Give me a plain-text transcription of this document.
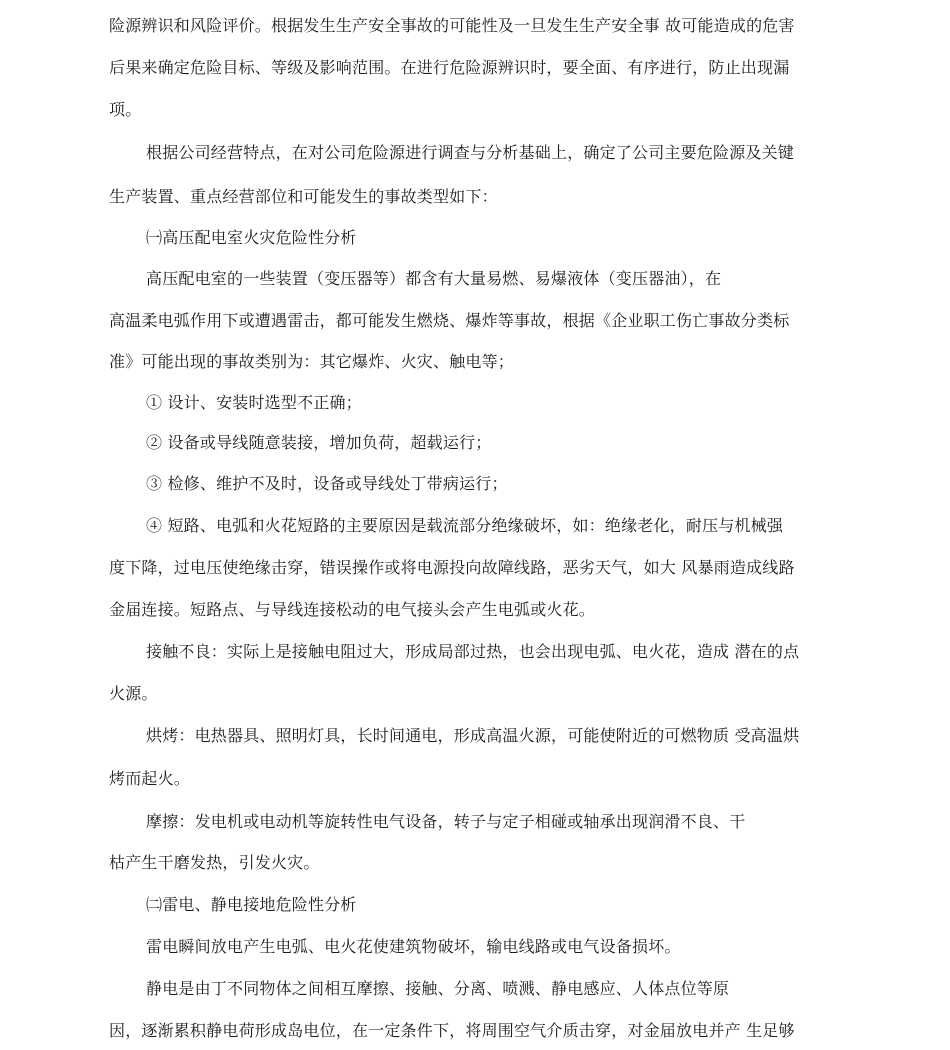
险源辨识和风险评价。根据发生生产安全事故的可能性及一旦发生生产安全事 故可能造成的危害

后果来确定危险目标、等级及影响范围。在进行危险源辨识时，要全面、有序进行，防止出现漏

项。

根据公司经营特点，在对公司危险源进行调查与分析基础上，确定了公司主要危险源及关键

生产装置、重点经营部位和可能发生的事故类型如下：

㈠高压配电室火灾危险性分析

高压配电室的一些装置（变压器等）都含有大量易燃、易爆液体（变压器油），在

高温柔电弧作用下或遭遇雷击，都可能发生燃烧、爆炸等事故，根据《企业职工伤亡事故分类标

准》可能出现的事故类别为：其它爆炸、火灾、触电等；

① 设计、安装时选型不正确；

② 设备或导线随意装接，增加负荷，超载运行；

③ 检修、维护不及时，设备或导线处丁带病运行；

④ 短路、电弧和火花短路的主要原因是载流部分绝缘破坏，如：绝缘老化，耐压与机械强

度下降，过电压使绝缘击穿，错误操作或将电源投向故障线路，恶劣天气，如大 风暴雨造成线路

金届连接。短路点、与导线连接松动的电气接头会产生电弧或火花。

接触不良：实际上是接触电阻过大，形成局部过热，也会出现电弧、电火花，造成 潜在的点

火源。

烘烤：电热器具、照明灯具，长时间通电，形成高温火源，可能使附近的可燃物质 受高温烘

烤而起火。

摩擦：发电机或电动机等旋转性电气设备，转子与定子相碰或轴承出现润滑不良、干

枯产生干磨发热，引发火灾。

㈡雷电、静电接地危险性分析

雷电瞬间放电产生电弧、电火花使建筑物破坏，输电线路或电气设备损坏。

静电是由丁不同物体之间相互摩擦、接触、分离、喷溅、静电感应、人体点位等原

因，逐渐累积静电荷形成岛电位，在一定条件下，将周围空气介质击穿，对金届放电并产 生足够
